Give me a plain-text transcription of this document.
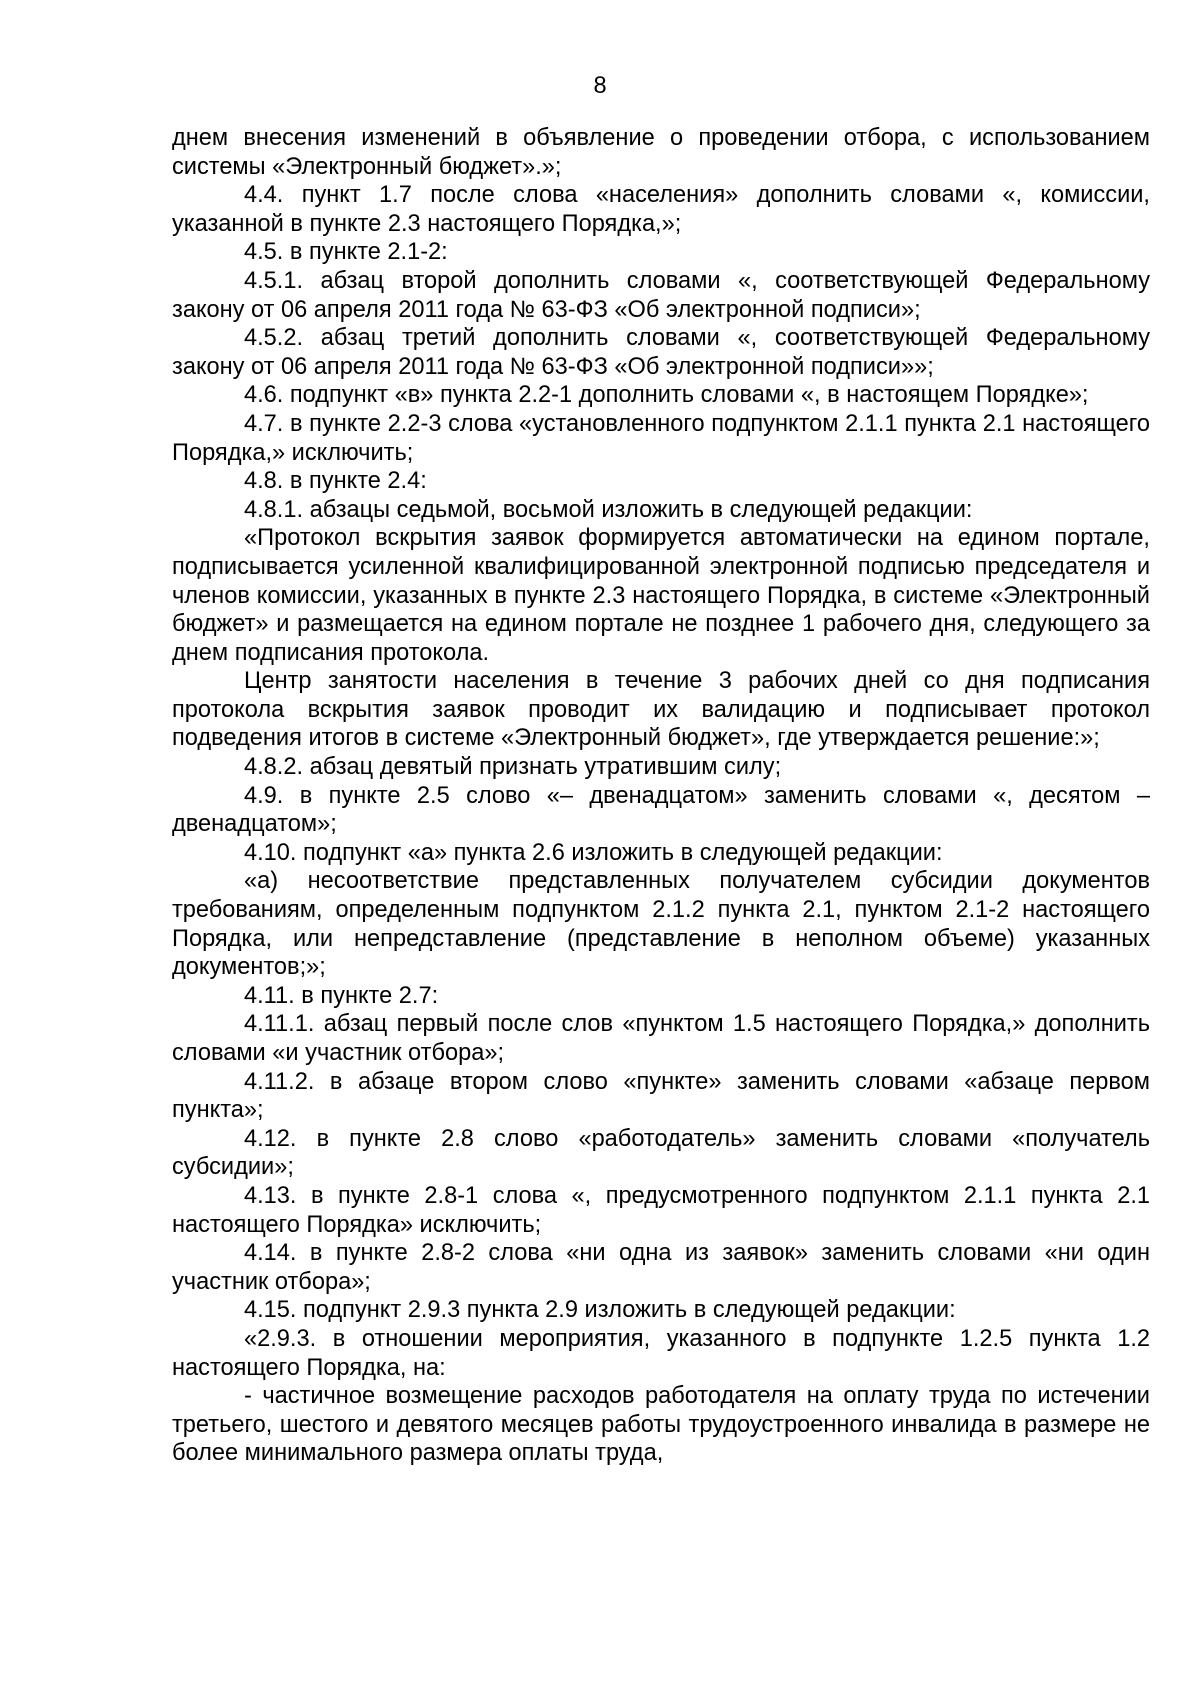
8

днем внесения изменений в объявление о проведении отбора, с использованием системы «Электронный бюджет».»;

4.4. пункт 1.7 после слова «населения» дополнить словами «, комиссии, указанной в пункте 2.3 настоящего Порядка,»;

4.5. в пункте 2.1-2:

4.5.1. абзац второй дополнить словами «, соответствующей Федеральному закону от 06 апреля 2011 года № 63-ФЗ «Об электронной подписи»;

4.5.2. абзац третий дополнить словами «, соответствующей Федеральному закону от 06 апреля 2011 года № 63-ФЗ «Об электронной подписи»»;

4.6. подпункт «в» пункта 2.2-1 дополнить словами «, в настоящем Порядке»;

4.7. в пункте 2.2-3 слова «установленного подпунктом 2.1.1 пункта 2.1 настоящего Порядка,» исключить;

4.8. в пункте 2.4:

4.8.1. абзацы седьмой, восьмой изложить в следующей редакции:

«Протокол вскрытия заявок формируется автоматически на едином портале, подписывается усиленной квалифицированной электронной подписью председателя и членов комиссии, указанных в пункте 2.3 настоящего Порядка, в системе «Электронный бюджет» и размещается на едином портале не позднее 1 рабочего дня, следующего за днем подписания протокола.

Центр занятости населения в течение 3 рабочих дней со дня подписания протокола вскрытия заявок проводит их валидацию и подписывает протокол подведения итогов в системе «Электронный бюджет», где утверждается решение:»;

4.8.2. абзац девятый признать утратившим силу;

4.9. в пункте 2.5 слово «– двенадцатом» заменить словами «, десятом – двенадцатом»;

4.10. подпункт «а» пункта 2.6 изложить в следующей редакции:

«а) несоответствие представленных получателем субсидии документов требованиям, определенным подпунктом 2.1.2 пункта 2.1, пунктом 2.1-2 настоящего Порядка, или непредставление (представление в неполном объеме) указанных документов;»;

4.11. в пункте 2.7:

4.11.1. абзац первый после слов «пунктом 1.5 настоящего Порядка,» дополнить словами «и участник отбора»;

4.11.2. в абзаце втором слово «пункте» заменить словами «абзаце первом пункта»;

4.12. в пункте 2.8 слово «работодатель» заменить словами «получатель субсидии»;

4.13. в пункте 2.8-1 слова «, предусмотренного подпунктом 2.1.1 пункта 2.1 настоящего Порядка» исключить;

4.14. в пункте 2.8-2 слова «ни одна из заявок» заменить словами «ни один участник отбора»;

4.15. подпункт 2.9.3 пункта 2.9 изложить в следующей редакции:

«2.9.3. в отношении мероприятия, указанного в подпункте 1.2.5 пункта 1.2 настоящего Порядка, на:

- частичное возмещение расходов работодателя на оплату труда по истечении третьего, шестого и девятого месяцев работы трудоустроенного инвалида в размере не более минимального размера оплаты труда,
